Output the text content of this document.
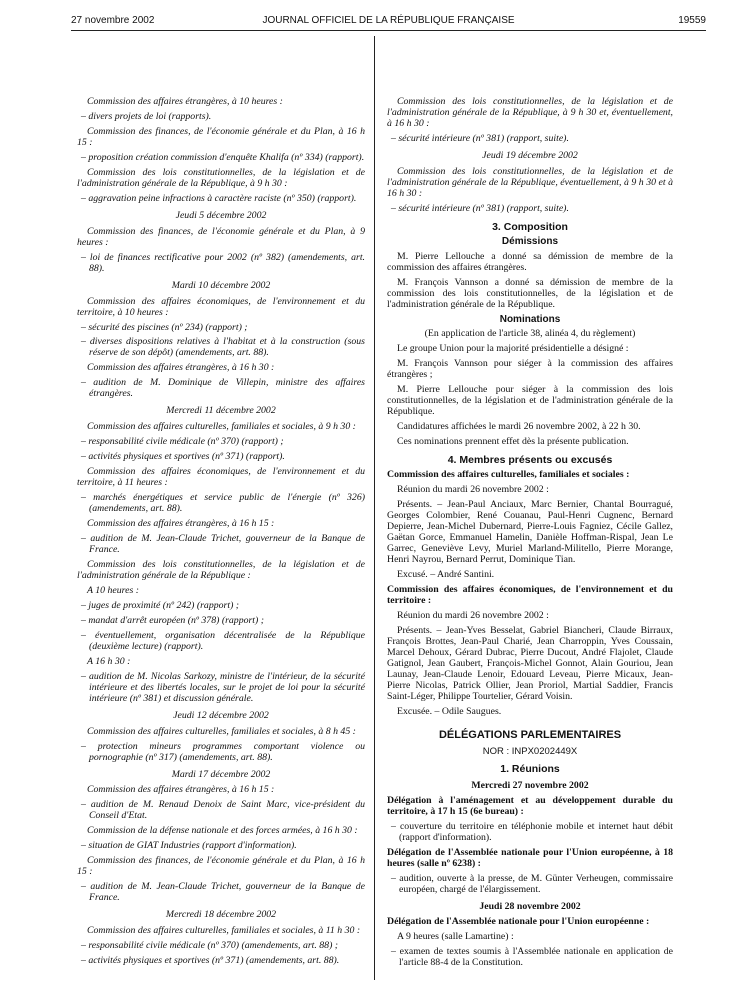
27 novembre 2002	JOURNAL OFFICIEL DE LA RÉPUBLIQUE FRANÇAISE	19559

Commission des affaires étrangères, à 10 heures :

– divers projets de loi (rapports).

Commission des finances, de l'économie générale et du Plan, à 16 h 15 :

– proposition création commission d'enquête Khalifa (nº 334) (rapport).

Commission des lois constitutionnelles, de la législation et de l'administration générale de la République, à 9 h 30 :

– aggravation peine infractions à caractère raciste (nº 350) (rapport).

Jeudi 5 décembre 2002

Commission des finances, de l'économie générale et du Plan, à 9 heures :

– loi de finances rectificative pour 2002 (nº 382) (amendements, art. 88).

Mardi 10 décembre 2002

Commission des affaires économiques, de l'environnement et du territoire, à 10 heures :

– sécurité des piscines (nº 234) (rapport) ;

– diverses dispositions relatives à l'habitat et à la construction (sous réserve de son dépôt) (amendements, art. 88).

Commission des affaires étrangères, à 16 h 30 :

– audition de M. Dominique de Villepin, ministre des affaires étrangères.

Mercredi 11 décembre 2002

Commission des affaires culturelles, familiales et sociales, à 9 h 30 :

– responsabilité civile médicale (nº 370) (rapport) ;

– activités physiques et sportives (nº 371) (rapport).

Commission des affaires économiques, de l'environnement et du territoire, à 11 heures :

– marchés énergétiques et service public de l'énergie (nº 326) (amendements, art. 88).

Commission des affaires étrangères, à 16 h 15 :

– audition de M. Jean-Claude Trichet, gouverneur de la Banque de France.

Commission des lois constitutionnelles, de la législation et de l'administration générale de la République :

A 10 heures :

– juges de proximité (nº 242) (rapport) ;

– mandat d'arrêt européen (nº 378) (rapport) ;

– éventuellement, organisation décentralisée de la République (deuxième lecture) (rapport).

A 16 h 30 :

– audition de M. Nicolas Sarkozy, ministre de l'intérieur, de la sécurité intérieure et des libertés locales, sur le projet de loi pour la sécurité intérieure (nº 381) et discussion générale.

Jeudi 12 décembre 2002

Commission des affaires culturelles, familiales et sociales, à 8 h 45 :

– protection mineurs programmes comportant violence ou pornographie (nº 317) (amendements, art. 88).

Mardi 17 décembre 2002

Commission des affaires étrangères, à 16 h 15 :

– audition de M. Renaud Denoix de Saint Marc, vice-président du Conseil d'Etat.

Commission de la défense nationale et des forces armées, à 16 h 30 :

– situation de GIAT Industries (rapport d'information).

Commission des finances, de l'économie générale et du Plan, à 16 h 15 :

– audition de M. Jean-Claude Trichet, gouverneur de la Banque de France.

Mercredi 18 décembre 2002

Commission des affaires culturelles, familiales et sociales, à 11 h 30 :

– responsabilité civile médicale (nº 370) (amendements, art. 88) ;

– activités physiques et sportives (nº 371) (amendements, art. 88).

Commission des lois constitutionnelles, de la législation et de l'administration générale de la République, à 9 h 30 et, éventuellement, à 16 h 30 :

– sécurité intérieure (nº 381) (rapport, suite).

Jeudi 19 décembre 2002

Commission des lois constitutionnelles, de la législation et de l'administration générale de la République, éventuellement, à 9 h 30 et à 16 h 30 :

– sécurité intérieure (nº 381) (rapport, suite).

3. Composition

Démissions

M. Pierre Lellouche a donné sa démission de membre de la commission des affaires étrangères.

M. François Vannson a donné sa démission de membre de la commission des lois constitutionnelles, de la législation et de l'administration générale de la République.

Nominations

(En application de l'article 38, alinéa 4, du règlement)

Le groupe Union pour la majorité présidentielle a désigné :

M. François Vannson pour siéger à la commission des affaires étrangères ;

M. Pierre Lellouche pour siéger à la commission des lois constitutionnelles, de la législation et de l'administration générale de la République.

Candidatures affichées le mardi 26 novembre 2002, à 22 h 30.

Ces nominations prennent effet dès la présente publication.

4. Membres présents ou excusés

Commission des affaires culturelles, familiales et sociales :

Réunion du mardi 26 novembre 2002 :

Présents. – Jean-Paul Anciaux, Marc Bernier, Chantal Bourragué, Georges Colombier, René Couanau, Paul-Henri Cugnenc, Bernard Depierre, Jean-Michel Dubernard, Pierre-Louis Fagniez, Cécile Gallez, Gaëtan Gorce, Emmanuel Hamelin, Danièle Hoffman-Rispal, Jean Le Garrec, Geneviève Levy, Muriel Marland-Militello, Pierre Morange, Henri Nayrou, Bernard Perrut, Dominique Tian.

Excusé. – André Santini.

Commission des affaires économiques, de l'environnement et du territoire :

Réunion du mardi 26 novembre 2002 :

Présents. – Jean-Yves Besselat, Gabriel Biancheri, Claude Birraux, François Brottes, Jean-Paul Charié, Jean Charroppin, Yves Coussain, Marcel Dehoux, Gérard Dubrac, Pierre Ducout, André Flajolet, Claude Gatignol, Jean Gaubert, François-Michel Gonnot, Alain Gouriou, Jean Launay, Jean-Claude Lenoir, Edouard Leveau, Pierre Micaux, Jean-Pierre Nicolas, Patrick Ollier, Jean Proriol, Martial Saddier, Francis Saint-Léger, Philippe Tourtelier, Gérard Voisin.

Excusée. – Odile Saugues.

DÉLÉGATIONS PARLEMENTAIRES

NOR : INPX0202449X

1. Réunions

Mercredi 27 novembre 2002

Délégation à l'aménagement et au développement durable du territoire, à 17 h 15 (6e bureau) :

– couverture du territoire en téléphonie mobile et internet haut débit (rapport d'information).

Délégation de l'Assemblée nationale pour l'Union européenne, à 18 heures (salle nº 6238) :

– audition, ouverte à la presse, de M. Günter Verheugen, commissaire européen, chargé de l'élargissement.

Jeudi 28 novembre 2002

Délégation de l'Assemblée nationale pour l'Union européenne :

A 9 heures (salle Lamartine) :

– examen de textes soumis à l'Assemblée nationale en application de l'article 88-4 de la Constitution.
